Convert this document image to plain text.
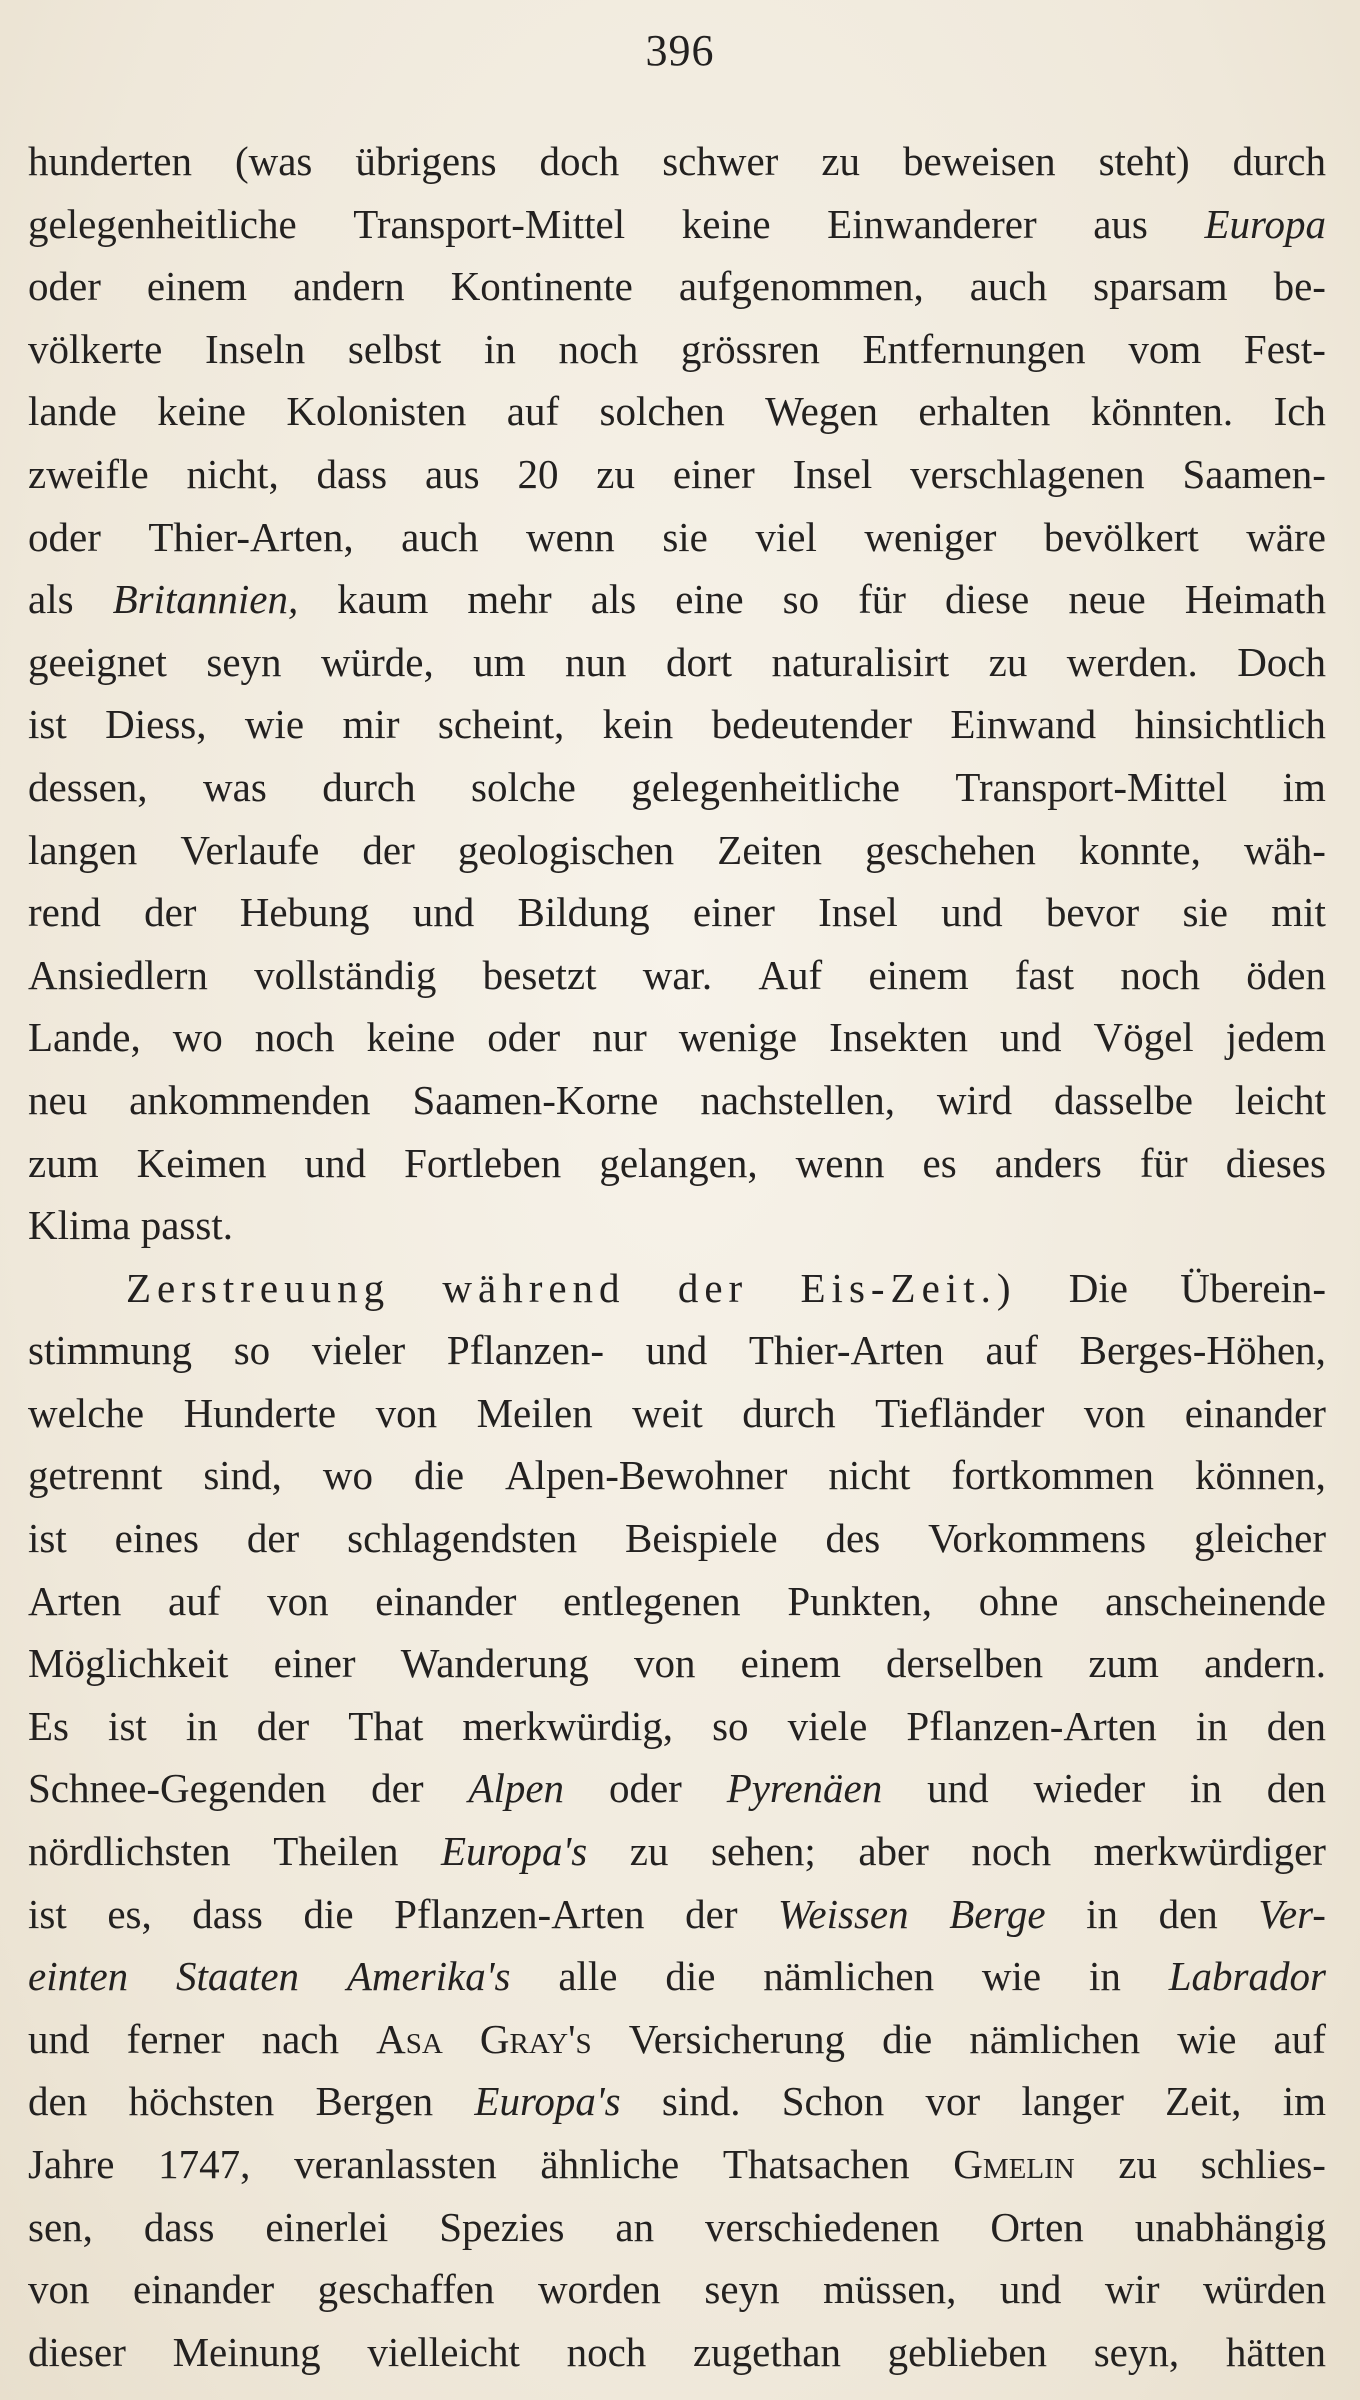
396
hunderten (was übrigens doch schwer zu beweisen steht) durch
gelegenheitliche Transport-Mittel keine Einwanderer aus Europa
oder einem andern Kontinente aufgenommen, auch sparsam be-
völkerte Inseln selbst in noch grössren Entfernungen vom Fest-
lande keine Kolonisten auf solchen Wegen erhalten könnten. Ich
zweifle nicht, dass aus 20 zu einer Insel verschlagenen Saamen-
oder Thier-Arten, auch wenn sie viel weniger bevölkert wäre
als Britannien, kaum mehr als eine so für diese neue Heimath
geeignet seyn würde, um nun dort naturalisirt zu werden. Doch
ist Diess, wie mir scheint, kein bedeutender Einwand hinsichtlich
dessen, was durch solche gelegenheitliche Transport-Mittel im
langen Verlaufe der geologischen Zeiten geschehen konnte, wäh-
rend der Hebung und Bildung einer Insel und bevor sie mit
Ansiedlern vollständig besetzt war. Auf einem fast noch öden
Lande, wo noch keine oder nur wenige Insekten und Vögel jedem
neu ankommenden Saamen-Korne nachstellen, wird dasselbe leicht
zum Keimen und Fortleben gelangen, wenn es anders für dieses
Klima
passt.
Zerstreuung während der Eis-Zeit.) Die Überein-
stimmung so vieler Pflanzen- und Thier-Arten auf Berges-Höhen,
welche Hunderte von Meilen weit durch Tiefländer von einander
getrennt sind, wo die Alpen-Bewohner nicht fortkommen können,
ist eines der schlagendsten Beispiele des Vorkommens gleicher
Arten auf von einander entlegenen Punkten, ohne anscheinende
Möglichkeit einer Wanderung von einem derselben zum andern.
Es ist in der That merkwürdig, so viele Pflanzen-Arten in den
Schnee-Gegenden der Alpen oder Pyrenäen und wieder in den
nördlichsten Theilen Europa's zu sehen; aber noch merkwürdiger
ist es, dass die Pflanzen-Arten der Weissen Berge in den Ver-
einten Staaten Amerika's alle die nämlichen wie in Labrador
und ferner nach Asa Gray's Versicherung die nämlichen wie auf
den höchsten Bergen Europa's sind. Schon vor langer Zeit, im
Jahre 1747, veranlassten ähnliche Thatsachen Gmelin zu schlies-
sen, dass einerlei Spezies an verschiedenen Orten unabhängig
von einander geschaffen worden seyn müssen, und wir würden
dieser Meinung vielleicht noch zugethan geblieben seyn, hätten
